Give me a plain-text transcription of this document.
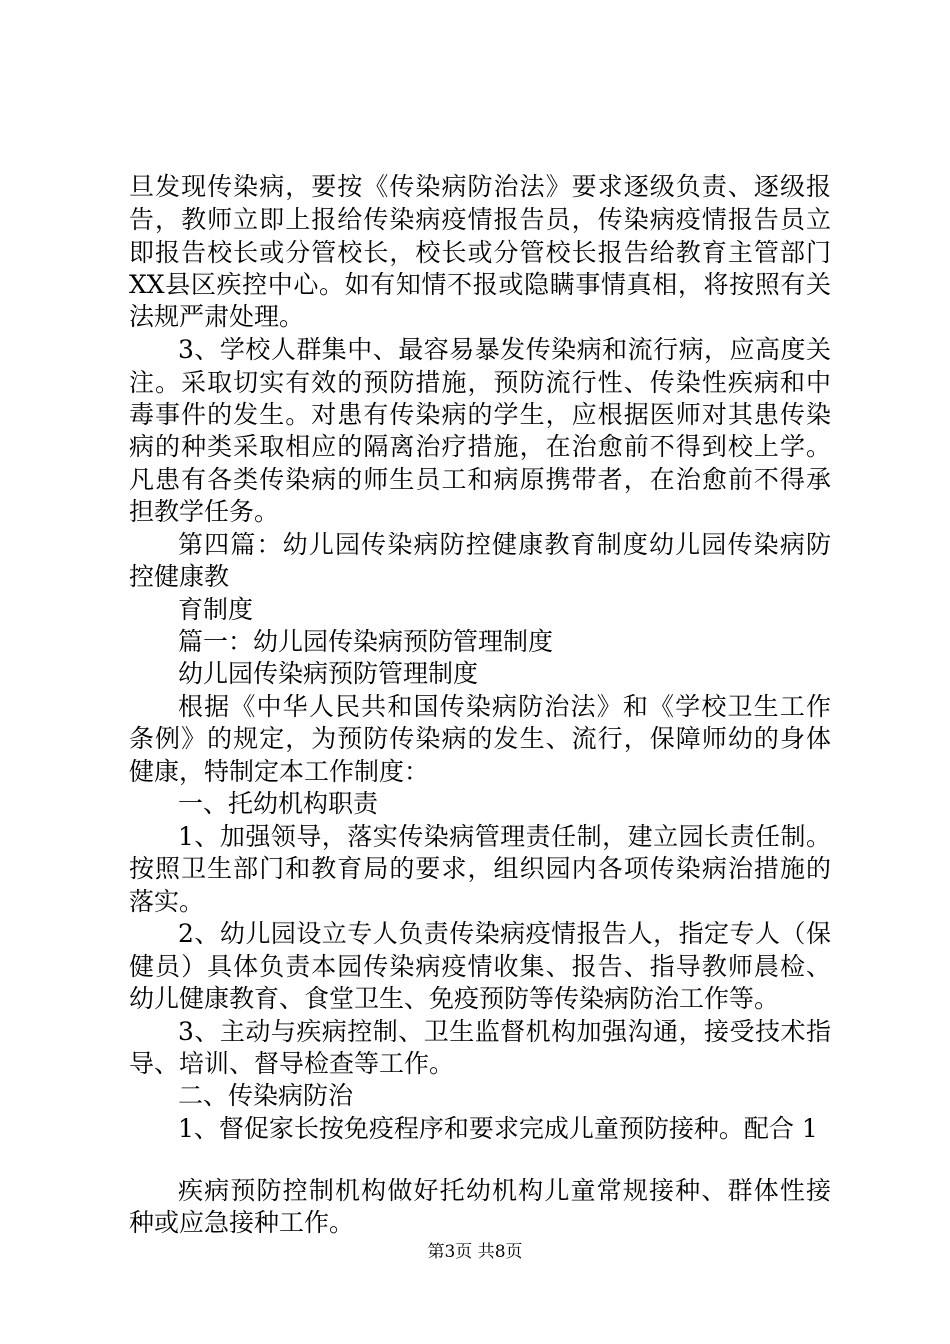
旦发现传染病，要按《传染病防治法》要求逐级负责、逐级报
告，教师立即上报给传染病疫情报告员，传染病疫情报告员立
即报告校长或分管校长，校长或分管校长报告给教育主管部门
XX县区疾控中心。如有知情不报或隐瞒事情真相，将按照有关
法规严肃处理。
3、学校人群集中、最容易暴发传染病和流行病，应高度关
注。采取切实有效的预防措施，预防流行性、传染性疾病和中
毒事件的发生。对患有传染病的学生，应根据医师对其患传染
病的种类采取相应的隔离治疗措施，在治愈前不得到校上学。
凡患有各类传染病的师生员工和病原携带者，在治愈前不得承
担教学任务。
第四篇：幼儿园传染病防控健康教育制度幼儿园传染病防
控健康教
育制度
篇一：幼儿园传染病预防管理制度
幼儿园传染病预防管理制度
根据《中华人民共和国传染病防治法》和《学校卫生工作
条例》的规定，为预防传染病的发生、流行，保障师幼的身体
健康，特制定本工作制度：
一、托幼机构职责
1、加强领导，落实传染病管理责任制，建立园长责任制。
按照卫生部门和教育局的要求，组织园内各项传染病治措施的
落实。
2、幼儿园设立专人负责传染病疫情报告人，指定专人（保
健员）具体负责本园传染病疫情收集、报告、指导教师晨检、
幼儿健康教育、食堂卫生、免疫预防等传染病防治工作等。
3、主动与疾病控制、卫生监督机构加强沟通，接受技术指
导、培训、督导检查等工作。
二、传染病防治
1、督促家长按免疫程序和要求完成儿童预防接种。配合 1
疾病预防控制机构做好托幼机构儿童常规接种、群体性接
种或应急接种工作。
第3页 共8页
